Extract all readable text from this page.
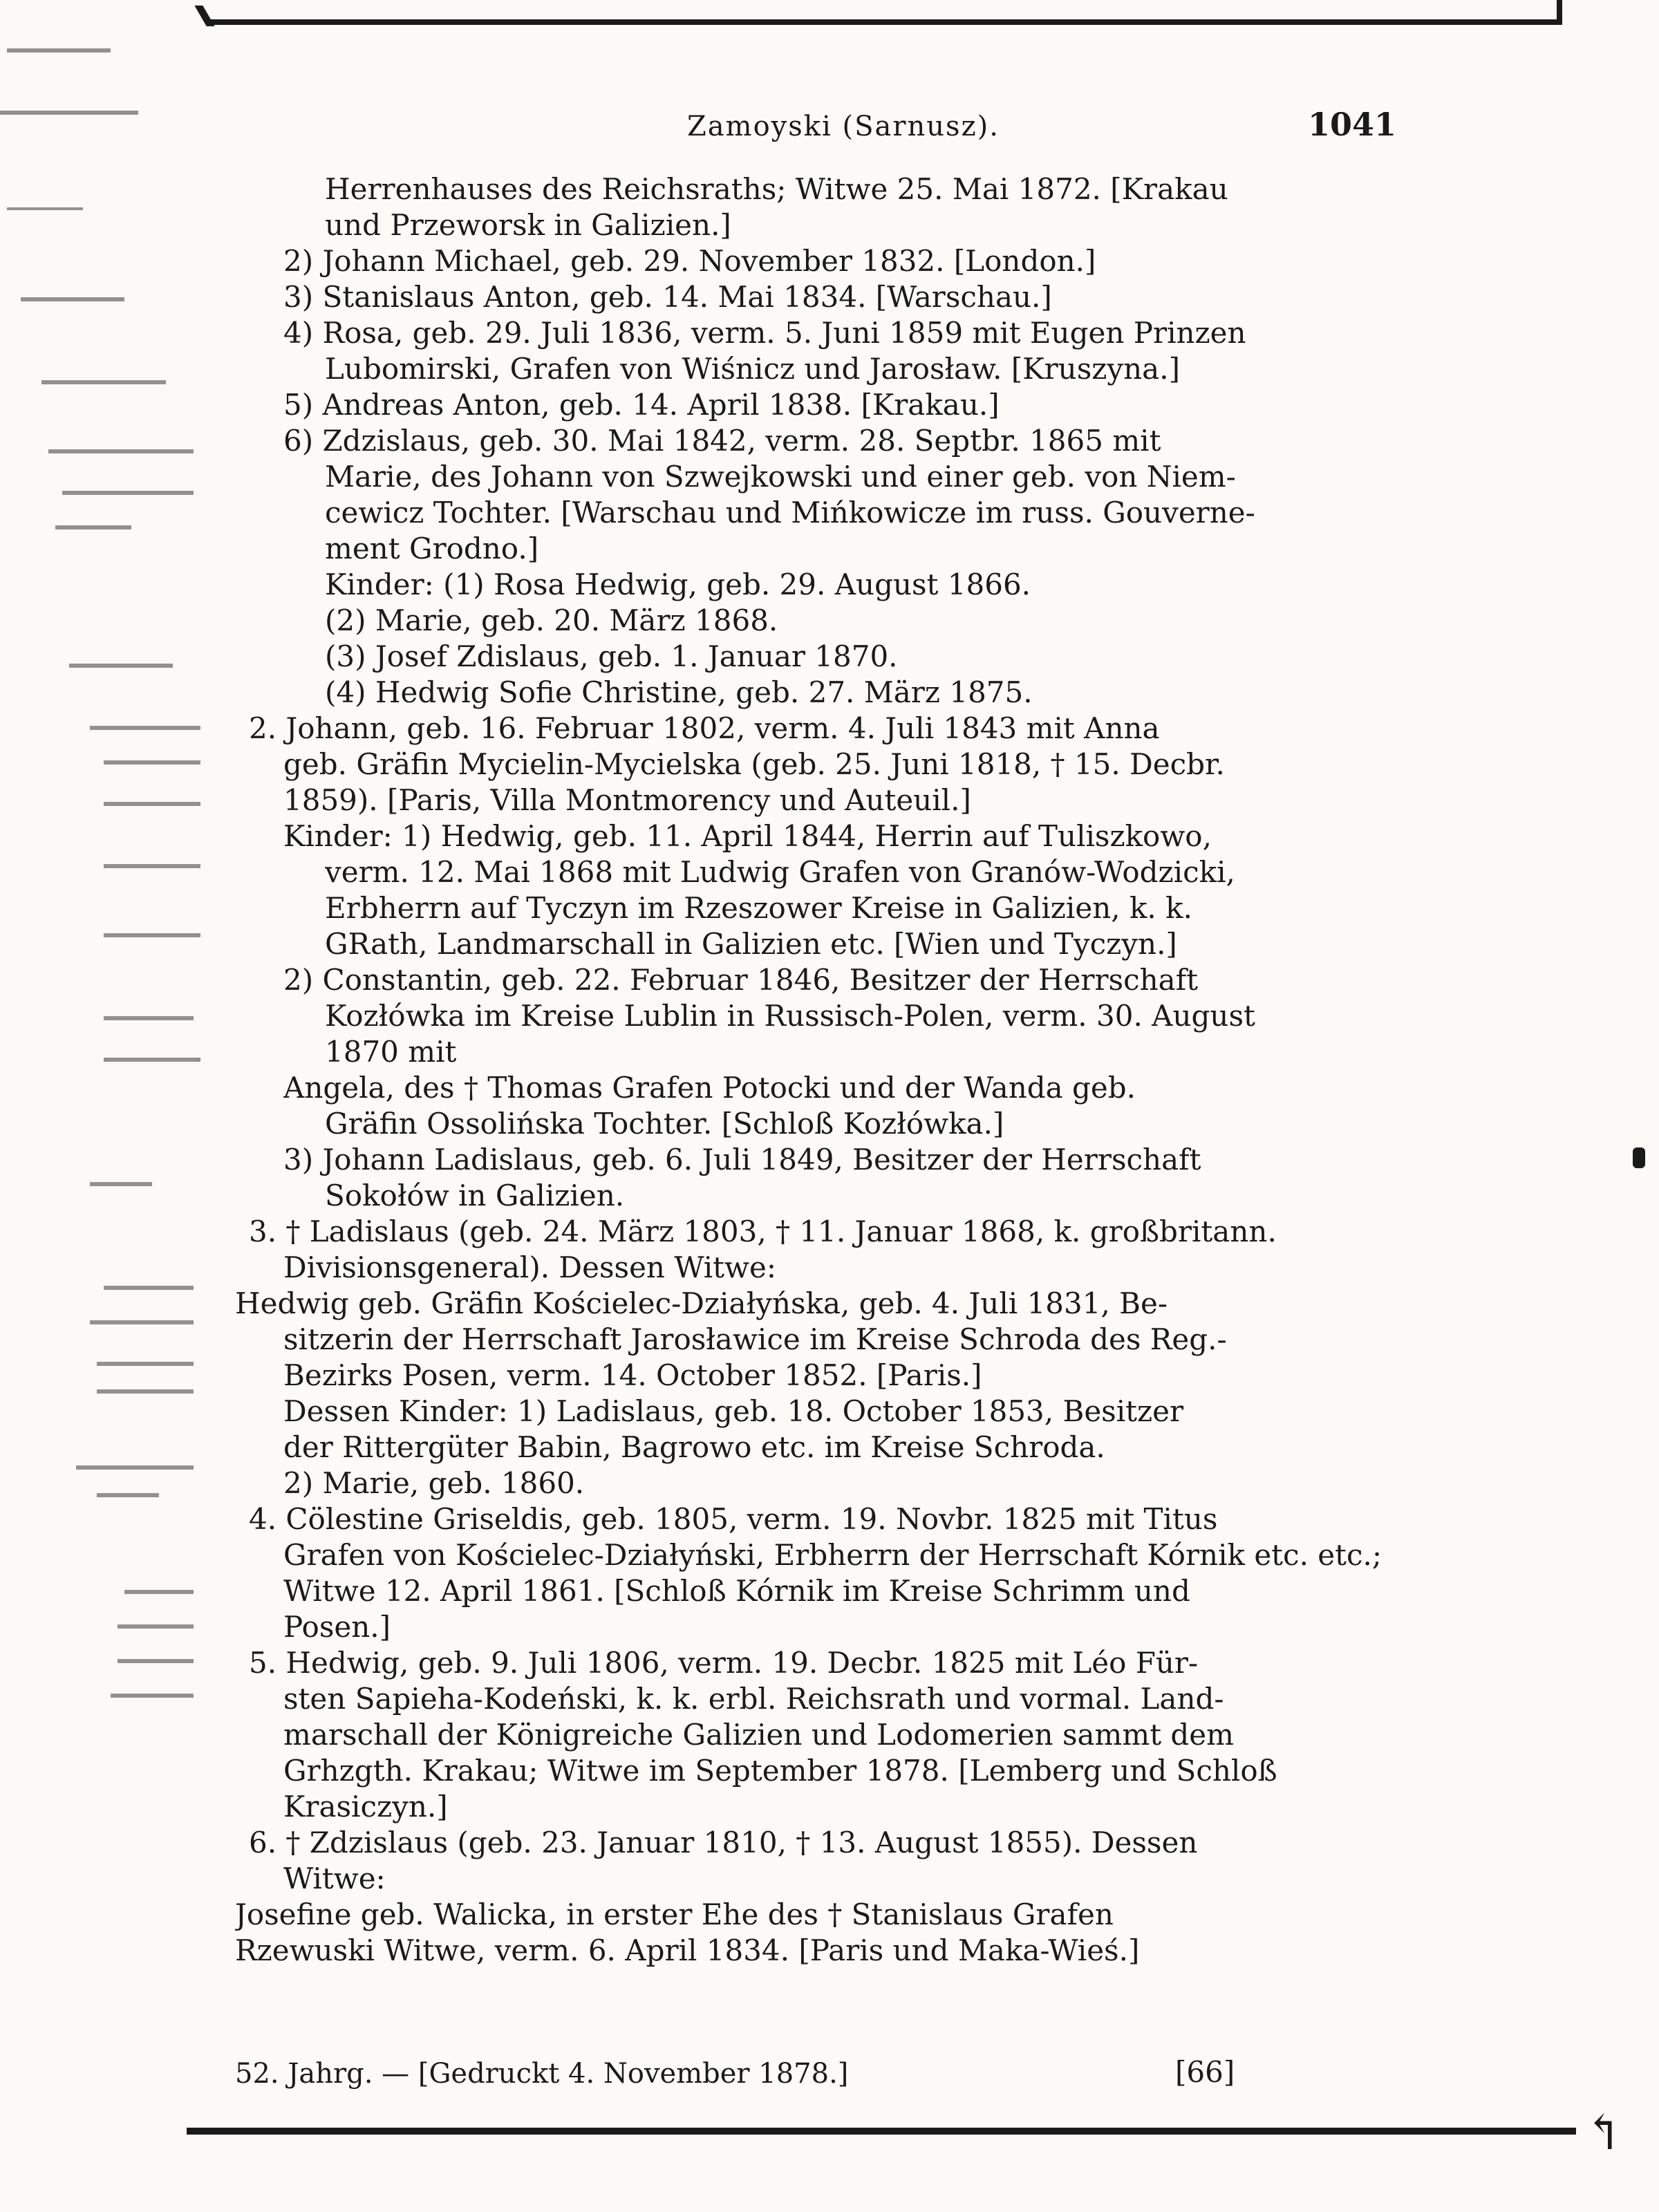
Zamoyski (Sarnusz).	1041
Herrenhauses des Reichsraths; Witwe 25. Mai 1872. [Krakau
und Przeworsk in Galizien.]
2) Johann Michael, geb. 29. November 1832. [London.]
3) Stanislaus Anton, geb. 14. Mai 1834. [Warschau.]
4) Rosa, geb. 29. Juli 1836, verm. 5. Juni 1859 mit Eugen Prinzen
Lubomirski, Grafen von Wiśnicz und Jarosław. [Kruszyna.]
5) Andreas Anton, geb. 14. April 1838. [Krakau.]
6) Zdzislaus, geb. 30. Mai 1842, verm. 28. Septbr. 1865 mit
Marie, des Johann von Szwejkowski und einer geb. von Niem-
cewicz Tochter. [Warschau und Mińkowicze im russ. Gouverne-
ment Grodno.]
Kinder: (1) Rosa Hedwig, geb. 29. August 1866.
(2) Marie, geb. 20. März 1868.
(3) Josef Zdislaus, geb. 1. Januar 1870.
(4) Hedwig Sofie Christine, geb. 27. März 1875.
2. Johann, geb. 16. Februar 1802, verm. 4. Juli 1843 mit Anna
geb. Gräfin Mycielin-Mycielska (geb. 25. Juni 1818, † 15. Decbr.
1859). [Paris, Villa Montmorency und Auteuil.]
Kinder: 1) Hedwig, geb. 11. April 1844, Herrin auf Tuliszkowo,
verm. 12. Mai 1868 mit Ludwig Grafen von Granów-Wodzicki,
Erbherrn auf Tyczyn im Rzeszower Kreise in Galizien, k. k.
GRath, Landmarschall in Galizien etc. [Wien und Tyczyn.]
2) Constantin, geb. 22. Februar 1846, Besitzer der Herrschaft
Kozłówka im Kreise Lublin in Russisch-Polen, verm. 30. August
1870 mit
Angela, des † Thomas Grafen Potocki und der Wanda geb.
Gräfin Ossolińska Tochter. [Schloß Kozłówka.]
3) Johann Ladislaus, geb. 6. Juli 1849, Besitzer der Herrschaft
Sokołów in Galizien.
3. † Ladislaus (geb. 24. März 1803, † 11. Januar 1868, k. großbritann.
Divisionsgeneral). Dessen Witwe:
Hedwig geb. Gräfin Kościelec-Działyńska, geb. 4. Juli 1831, Be-
sitzerin der Herrschaft Jarosławice im Kreise Schroda des Reg.-
Bezirks Posen, verm. 14. October 1852. [Paris.]
Dessen Kinder: 1) Ladislaus, geb. 18. October 1853, Besitzer
der Rittergüter Babin, Bagrowo etc. im Kreise Schroda.
2) Marie, geb. 1860.
4. Cölestine Griseldis, geb. 1805, verm. 19. Novbr. 1825 mit Titus
Grafen von Kościelec-Działyński, Erbherrn der Herrschaft Kórnik etc. etc.;
Witwe 12. April 1861. [Schloß Kórnik im Kreise Schrimm und
Posen.]
5. Hedwig, geb. 9. Juli 1806, verm. 19. Decbr. 1825 mit Léo Für-
sten Sapieha-Kodeński, k. k. erbl. Reichsrath und vormal. Land-
marschall der Königreiche Galizien und Lodomerien sammt dem
Grhzgth. Krakau; Witwe im September 1878. [Lemberg und Schloß
Krasiczyn.]
6. † Zdzislaus (geb. 23. Januar 1810, † 13. August 1855). Dessen
Witwe:
Josefine geb. Walicka, in erster Ehe des † Stanislaus Grafen
Rzewuski Witwe, verm. 6. April 1834. [Paris und Maka-Wieś.]
52. Jahrg. — [Gedruckt 4. November 1878.]	[66]
↰
